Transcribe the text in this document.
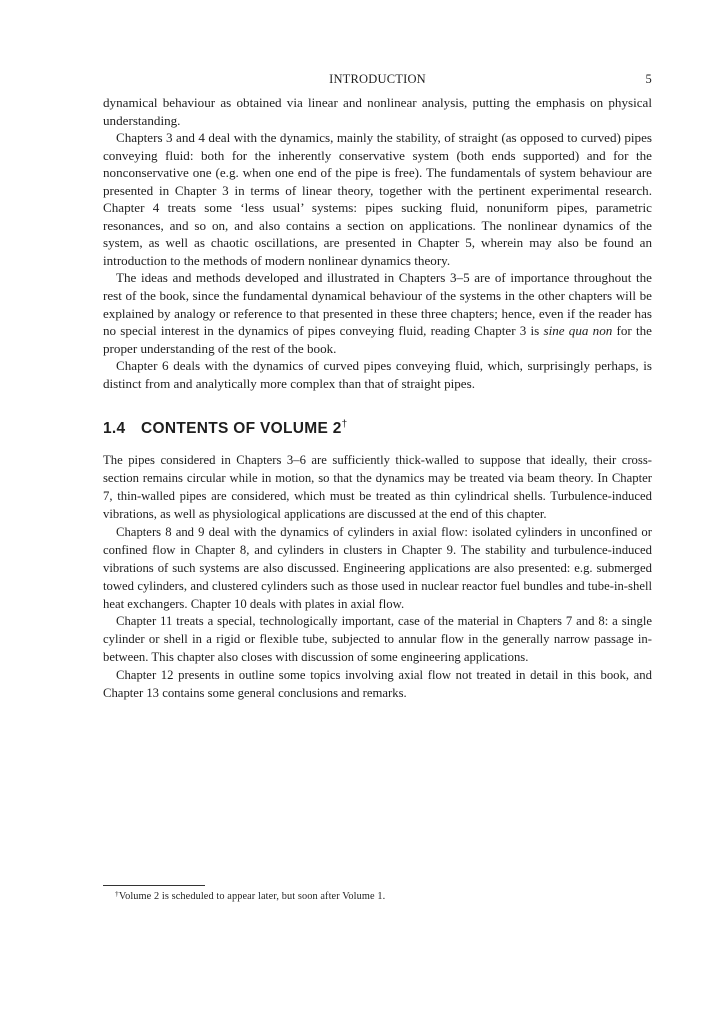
INTRODUCTION	5

dynamical behaviour as obtained via linear and nonlinear analysis, putting the emphasis on physical understanding.

Chapters 3 and 4 deal with the dynamics, mainly the stability, of straight (as opposed to curved) pipes conveying fluid: both for the inherently conservative system (both ends supported) and for the nonconservative one (e.g. when one end of the pipe is free). The fundamentals of system behaviour are presented in Chapter 3 in terms of linear theory, together with the pertinent experimental research. Chapter 4 treats some ‘less usual’ systems: pipes sucking fluid, nonuniform pipes, parametric resonances, and so on, and also contains a section on applications. The nonlinear dynamics of the system, as well as chaotic oscillations, are presented in Chapter 5, wherein may also be found an introduction to the methods of modern nonlinear dynamics theory.

The ideas and methods developed and illustrated in Chapters 3–5 are of importance throughout the rest of the book, since the fundamental dynamical behaviour of the systems in the other chapters will be explained by analogy or reference to that presented in these three chapters; hence, even if the reader has no special interest in the dynamics of pipes conveying fluid, reading Chapter 3 is sine qua non for the proper understanding of the rest of the book.

Chapter 6 deals with the dynamics of curved pipes conveying fluid, which, surprisingly perhaps, is distinct from and analytically more complex than that of straight pipes.

1.4 CONTENTS OF VOLUME 2†

The pipes considered in Chapters 3–6 are sufficiently thick-walled to suppose that ideally, their cross-section remains circular while in motion, so that the dynamics may be treated via beam theory. In Chapter 7, thin-walled pipes are considered, which must be treated as thin cylindrical shells. Turbulence-induced vibrations, as well as physiological applications are discussed at the end of this chapter.

Chapters 8 and 9 deal with the dynamics of cylinders in axial flow: isolated cylinders in unconfined or confined flow in Chapter 8, and cylinders in clusters in Chapter 9. The stability and turbulence-induced vibrations of such systems are also discussed. Engineering applications are also presented: e.g. submerged towed cylinders, and clustered cylinders such as those used in nuclear reactor fuel bundles and tube-in-shell heat exchangers. Chapter 10 deals with plates in axial flow.

Chapter 11 treats a special, technologically important, case of the material in Chapters 7 and 8: a single cylinder or shell in a rigid or flexible tube, subjected to annular flow in the generally narrow passage in-between. This chapter also closes with discussion of some engineering applications.

Chapter 12 presents in outline some topics involving axial flow not treated in detail in this book, and Chapter 13 contains some general conclusions and remarks.

†Volume 2 is scheduled to appear later, but soon after Volume 1.
